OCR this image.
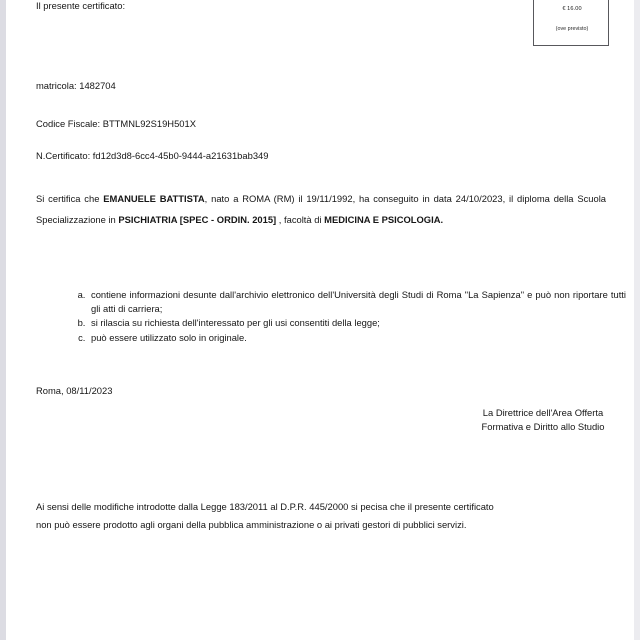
€ 16.00
(ove previsto)
matricola: 1482704
Codice Fiscale: BTTMNL92S19H501X
N.Certificato: fd12d3d8-6cc4-45b0-9444-a21631bab349
Si certifica che EMANUELE BATTISTA, nato a ROMA (RM) il 19/11/1992, ha conseguito in data 24/10/2023, il diploma della Scuola Specializzazione in PSICHIATRIA [SPEC - ORDIN. 2015] , facoltà di MEDICINA E PSICOLOGIA.
Il presente certificato:
a. contiene informazioni desunte dall'archivio elettronico dell'Università degli Studi di Roma "La Sapienza" e può non riportare tutti gli atti di carriera;
b. si rilascia su richiesta dell'interessato per gli usi consentiti della legge;
c. può essere utilizzato solo in originale.
Roma, 08/11/2023
La Direttrice dell'Area Offerta
Formativa e Diritto allo Studio
Ai sensi delle modifiche introdotte dalla Legge 183/2011 al D.P.R. 445/2000 si pecisa che il presente certificato
non può essere prodotto agli organi della pubblica amministrazione o ai privati gestori di pubblici servizi.
